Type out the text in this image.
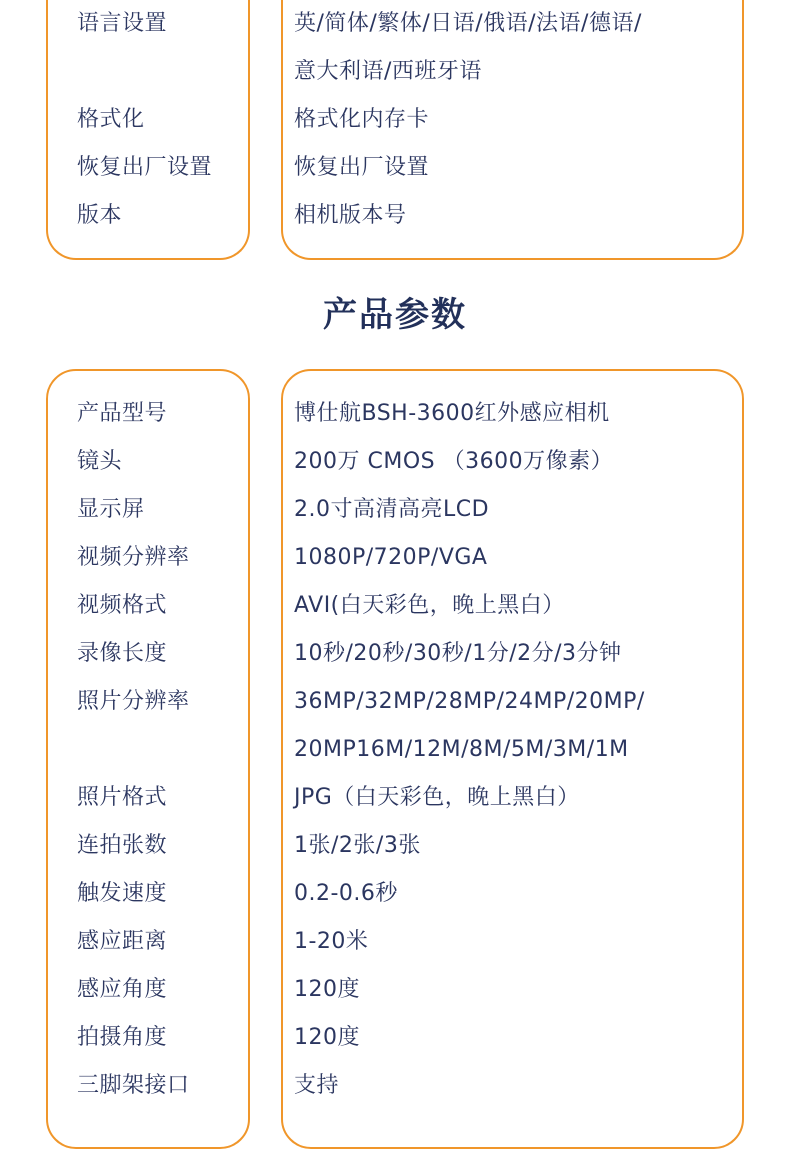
语言设置	英/简体/繁体/日语/俄语/法语/德语/
意大利语/西班牙语
格式化	格式化内存卡
恢复出厂设置	恢复出厂设置
版本	相机版本号
产品参数
产品型号	博仕航BSH-3600红外感应相机
镜头	200万 CMOS （3600万像素）
显示屏	2.0寸高清高亮LCD
视频分辨率	1080P/720P/VGA
视频格式	AVI(白天彩色，晚上黑白）
录像长度	10秒/20秒/30秒/1分/2分/3分钟
照片分辨率	36MP/32MP/28MP/24MP/20MP/
20MP16M/12M/8M/5M/3M/1M
照片格式	JPG（白天彩色，晚上黑白）
连拍张数	1张/2张/3张
触发速度	0.2-0.6秒
感应距离	1-20米
感应角度	120度
拍摄角度	120度
三脚架接口	支持
